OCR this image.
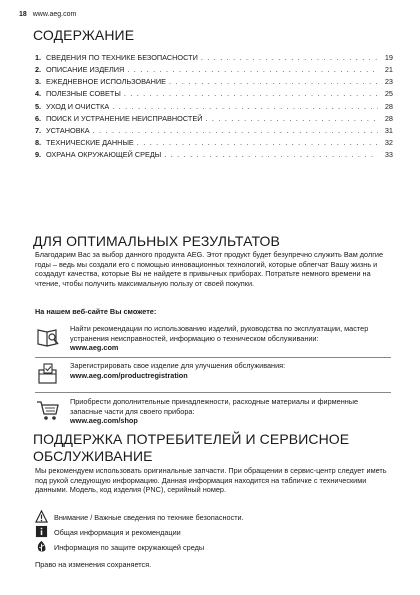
18 www.aeg.com
СОДЕРЖАНИЕ
1. СВЕДЕНИЯ ПО ТЕХНИКЕ БЕЗОПАСНОСТИ . . .	19
2. ОПИСАНИЕ ИЗДЕЛИЯ . . .	21
3. ЕЖЕДНЕВНОЕ ИСПОЛЬЗОВАНИЕ . . .	23
4. ПОЛЕЗНЫЕ СОВЕТЫ . . .	25
5. УХОД И ОЧИСТКА . . .	28
6. ПОИСК И УСТРАНЕНИЕ НЕИСПРАВНОСТЕЙ . . .	28
7. УСТАНОВКА . . .	31
8. ТЕХНИЧЕСКИЕ ДАННЫЕ . . .	32
9. ОХРАНА ОКРУЖАЮЩЕЙ СРЕДЫ . . .	33
ДЛЯ ОПТИМАЛЬНЫХ РЕЗУЛЬТАТОВ
Благодарим Вас за выбор данного продукта AEG. Этот продукт будет безупречно служить Вам долгие годы – ведь мы создали его с помощью инновационных технологий, которые облегчат Вашу жизнь и создадут качества, которые Вы не найдете в привычных приборах. Потратьте немного времени на чтение, чтобы получить максимальную пользу от своей покупки.
На нашем веб-сайте Вы сможете:
Найти рекомендации по использованию изделий, руководства по эксплуатации, мастер устранения неисправностей, информацию о техническом обслуживании:
www.aeg.com
Зарегистрировать свое изделие для улучшения обслуживания:
www.aeg.com/productregistration
Приобрести дополнительные принадлежности, расходные материалы и фирменные запасные части для своего прибора:
www.aeg.com/shop
ПОДДЕРЖКА ПОТРЕБИТЕЛЕЙ И СЕРВИСНОЕ ОБСЛУЖИВАНИЕ
Мы рекомендуем использовать оригинальные запчасти. При обращении в сервис-центр следует иметь под рукой следующую информацию. Данная информация находится на табличке с техническими данными. Модель, код изделия (PNC), серийный номер.
Внимание / Важные сведения по технике безопасности.
Общая информация и рекомендации
Информация по защите окружающей среды
Право на изменения сохраняется.
